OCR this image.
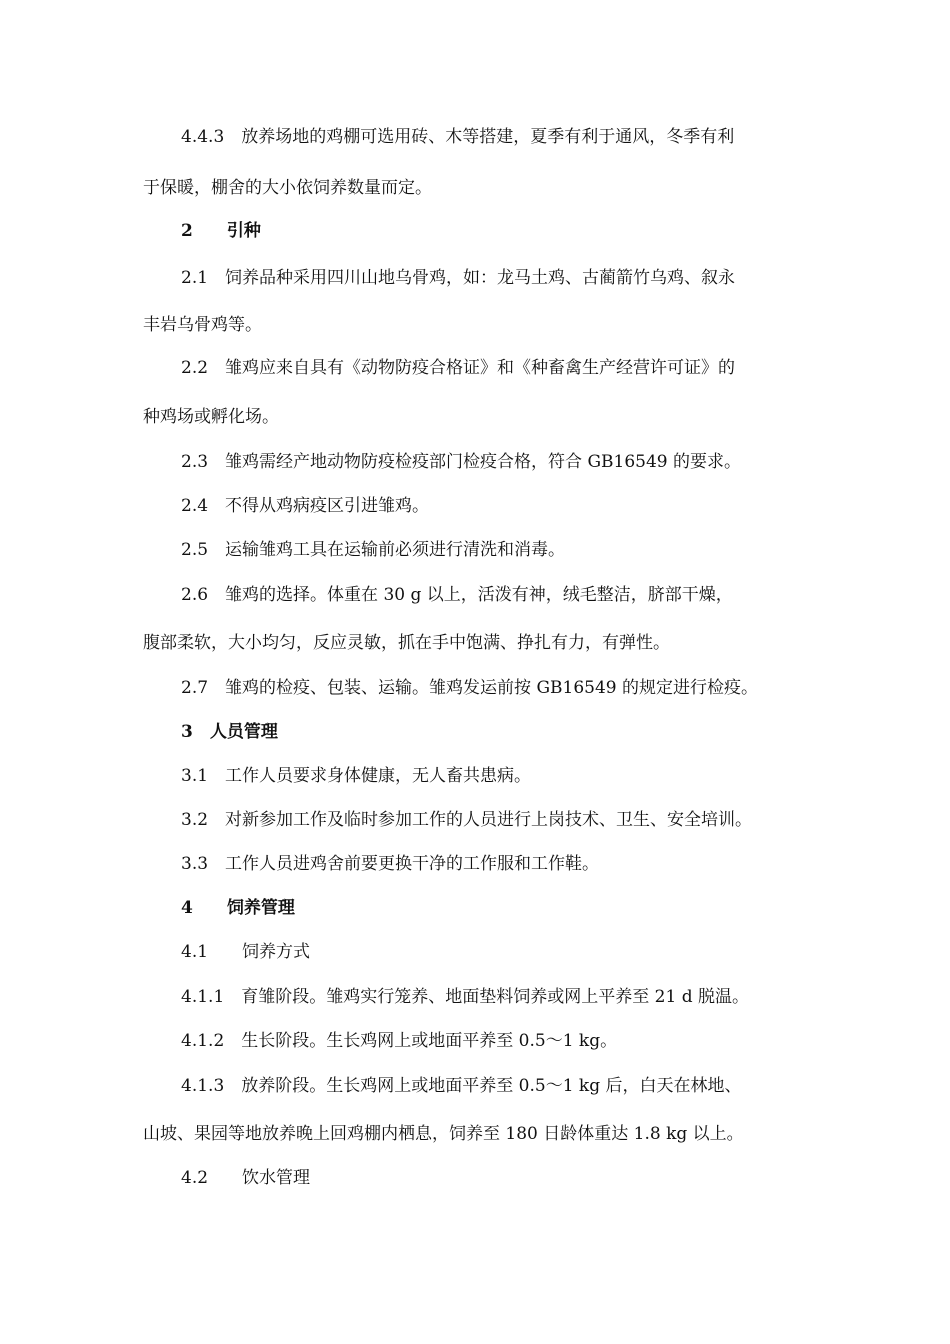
4.4.3　放养场地的鸡棚可选用砖、木等搭建，夏季有利于通风，冬季有利
于保暖，棚舍的大小依饲养数量而定。
2　　引种
2.1　饲养品种采用四川山地乌骨鸡，如：龙马土鸡、古蔺箭竹乌鸡、叙永
丰岩乌骨鸡等。
2.2　雏鸡应来自具有《动物防疫合格证》和《种畜禽生产经营许可证》的
种鸡场或孵化场。
2.3　雏鸡需经产地动物防疫检疫部门检疫合格，符合 GB16549 的要求。
2.4　不得从鸡病疫区引进雏鸡。
2.5　运输雏鸡工具在运输前必须进行清洗和消毒。
2.6　雏鸡的选择。体重在 30 g 以上，活泼有神，绒毛整洁，脐部干燥，
腹部柔软，大小均匀，反应灵敏，抓在手中饱满、挣扎有力，有弹性。
2.7　雏鸡的检疫、包装、运输。雏鸡发运前按 GB16549 的规定进行检疫。
3　人员管理
3.1　工作人员要求身体健康，无人畜共患病。
3.2　对新参加工作及临时参加工作的人员进行上岗技术、卫生、安全培训。
3.3　工作人员进鸡舍前要更换干净的工作服和工作鞋。
4　　饲养管理
4.1　　饲养方式
4.1.1　育雏阶段。雏鸡实行笼养、地面垫料饲养或网上平养至 21 d 脱温。
4.1.2　生长阶段。生长鸡网上或地面平养至 0.5～1 kg。
4.1.3　放养阶段。生长鸡网上或地面平养至 0.5～1 kg 后，白天在林地、
山坡、果园等地放养晚上回鸡棚内栖息，饲养至 180 日龄体重达 1.8 kg 以上。
4.2　　饮水管理
